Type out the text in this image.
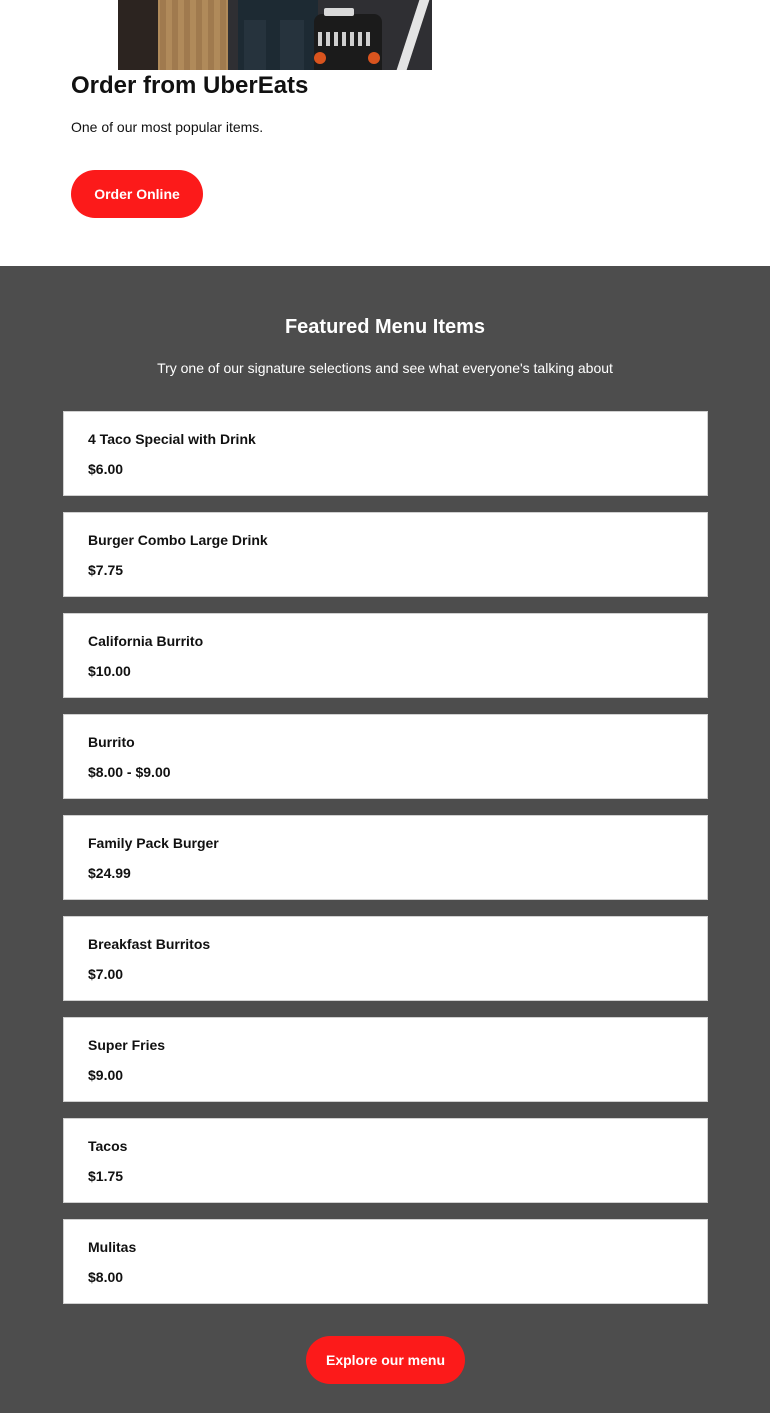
Order from UberEats

One of our most popular items.

Order Online
Featured Menu Items

Try one of our signature selections and see what everyone's talking about

4 Taco Special with Drink
$6.00
Burger Combo Large Drink
$7.75
California Burrito
$10.00
Burrito
$8.00 - $9.00
Family Pack Burger
$24.99
Breakfast Burritos
$7.00
Super Fries
$9.00
Tacos
$1.75
Mulitas
$8.00
Explore our menu
